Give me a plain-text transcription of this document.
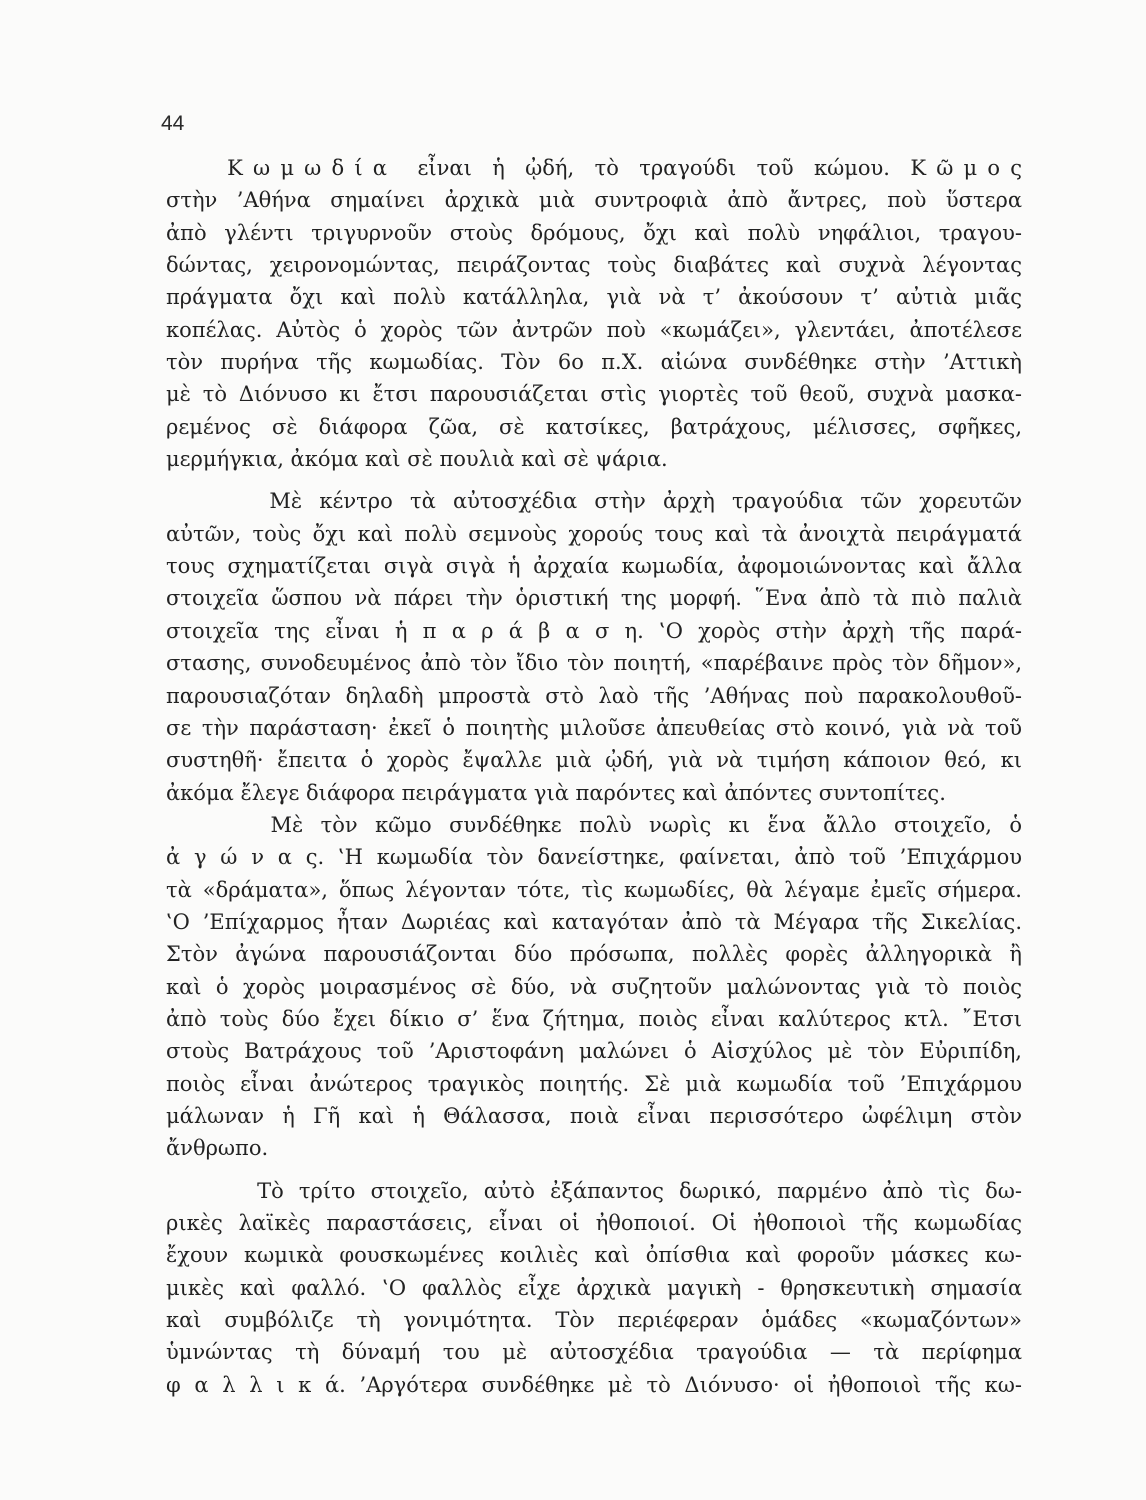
44
Κ ω μ ω δ ί α   εἶναι  ἡ  ᾠδή,  τὸ  τραγούδι  τοῦ  κώμου.  Κ ῶ μ ο ς
στὴν ’Αθήνα σημαίνει ἀρχικὰ μιὰ συντροφιὰ ἀπὸ ἄντρες, ποὺ ὕστερα
ἀπὸ γλέντι τριγυρνοῦν στοὺς δρόμους, ὄχι καὶ πολὺ νηφάλιοι, τραγου-
δώντας, χειρονομώντας, πειράζοντας τοὺς διαβάτες καὶ συχνὰ λέγοντας
πράγματα ὄχι καὶ πολὺ κατάλληλα, γιὰ νὰ τ’ ἀκούσουν τ’ αὐτιὰ μιᾶς
κοπέλας. Αὐτὸς ὁ χορὸς τῶν ἀντρῶν ποὺ «κωμάζει», γλεντάει, ἀποτέλεσε
τὸν πυρήνα τῆς κωμωδίας. Τὸν 6ο π.Χ. αἰώνα συνδέθηκε στὴν ’Αττικὴ
μὲ τὸ Διόνυσο κι ἔτσι παρουσιάζεται στὶς γιορτὲς τοῦ θεοῦ, συχνὰ μασκα-
ρεμένος σὲ διάφορα ζῶα, σὲ κατσίκες, βατράχους, μέλισσες, σφῆκες,
μερμήγκια, ἀκόμα καὶ σὲ πουλιὰ καὶ σὲ ψάρια.
Μὲ κέντρο τὰ αὐτοσχέδια στὴν ἀρχὴ τραγούδια τῶν χορευτῶν
αὐτῶν, τοὺς ὄχι καὶ πολὺ σεμνοὺς χορούς τους καὶ τὰ ἀνοιχτὰ πειράγματά
τους σχηματίζεται σιγὰ σιγὰ ἡ ἀρχαία κωμωδία, ἀφομοιώνοντας καὶ ἄλλα
στοιχεῖα ὥσπου νὰ πάρει τὴν ὁριστική της μορφή. ῞Ενα ἀπὸ τὰ πιὸ παλιὰ
στοιχεῖα της εἶναι ἡ π α ρ ά β α σ η. ‛Ο χορὸς στὴν ἀρχὴ τῆς παρά-
στασης, συνοδευμένος ἀπὸ τὸν ἴδιο τὸν ποιητή, «παρέβαινε πρὸς τὸν δῆμον»,
παρουσιαζόταν δηλαδὴ μπροστὰ στὸ λαὸ τῆς ’Αθήνας ποὺ παρακολουθοῦ-
σε τὴν παράσταση· ἐκεῖ ὁ ποιητὴς μιλοῦσε ἀπευθείας στὸ κοινό, γιὰ νὰ τοῦ
συστηθῆ· ἔπειτα ὁ χορὸς ἔψαλλε μιὰ ᾠδή, γιὰ νὰ τιμήση κάποιον θεό, κι
ἀκόμα ἔλεγε διάφορα πειράγματα γιὰ παρόντες καὶ ἀπόντες συντοπίτες.
Μὲ τὸν κῶμο συνδέθηκε πολὺ νωρὶς κι ἕνα ἄλλο στοιχεῖο, ὁ
ἀ γ ώ ν α ς. ‛Η κωμωδία τὸν δανείστηκε, φαίνεται, ἀπὸ τοῦ ’Επιχάρμου
τὰ «δράματα», ὅπως λέγονταν τότε, τὶς κωμωδίες, θὰ λέγαμε ἐμεῖς σήμερα.
‛Ο ’Επίχαρμος ἦταν Δωριέας καὶ καταγόταν ἀπὸ τὰ Μέγαρα τῆς Σικελίας.
Στὸν ἀγώνα παρουσιάζονται δύο πρόσωπα, πολλὲς φορὲς ἀλληγορικὰ ἢ
καὶ ὁ χορὸς μοιρασμένος σὲ δύο, νὰ συζητοῦν μαλώνοντας γιὰ τὸ ποιὸς
ἀπὸ τοὺς δύο ἔχει δίκιο σ’ ἕνα ζήτημα, ποιὸς εἶναι καλύτερος κτλ. ῎Ετσι
στοὺς Βατράχους τοῦ ’Αριστοφάνη μαλώνει ὁ Αἰσχύλος μὲ τὸν Εὐριπίδη,
ποιὸς εἶναι ἀνώτερος τραγικὸς ποιητής. Σὲ μιὰ κωμωδία τοῦ ’Επιχάρμου
μάλωναν ἡ Γῆ καὶ ἡ Θάλασσα, ποιὰ εἶναι περισσότερο ὠφέλιμη στὸν
ἄνθρωπο.
Τὸ τρίτο στοιχεῖο, αὐτὸ ἐξάπαντος δωρικό, παρμένο ἀπὸ τὶς δω-
ρικὲς λαϊκὲς παραστάσεις, εἶναι οἱ ἠθοποιοί. Οἱ ἠθοποιοὶ τῆς κωμωδίας
ἔχουν κωμικὰ φουσκωμένες κοιλιὲς καὶ ὀπίσθια καὶ φοροῦν μάσκες κω-
μικὲς καὶ φαλλό. ‛Ο φαλλὸς εἶχε ἀρχικὰ μαγικὴ - θρησκευτικὴ σημασία
καὶ συμβόλιζε τὴ γονιμότητα. Τὸν περιέφεραν ὁμάδες «κωμαζόντων»
ὑμνώντας τὴ δύναμή του μὲ αὐτοσχέδια τραγούδια — τὰ περίφημα
φ α λ λ ι κ ά. ’Αργότερα συνδέθηκε μὲ τὸ Διόνυσο· οἱ ἠθοποιοὶ τῆς κω-
